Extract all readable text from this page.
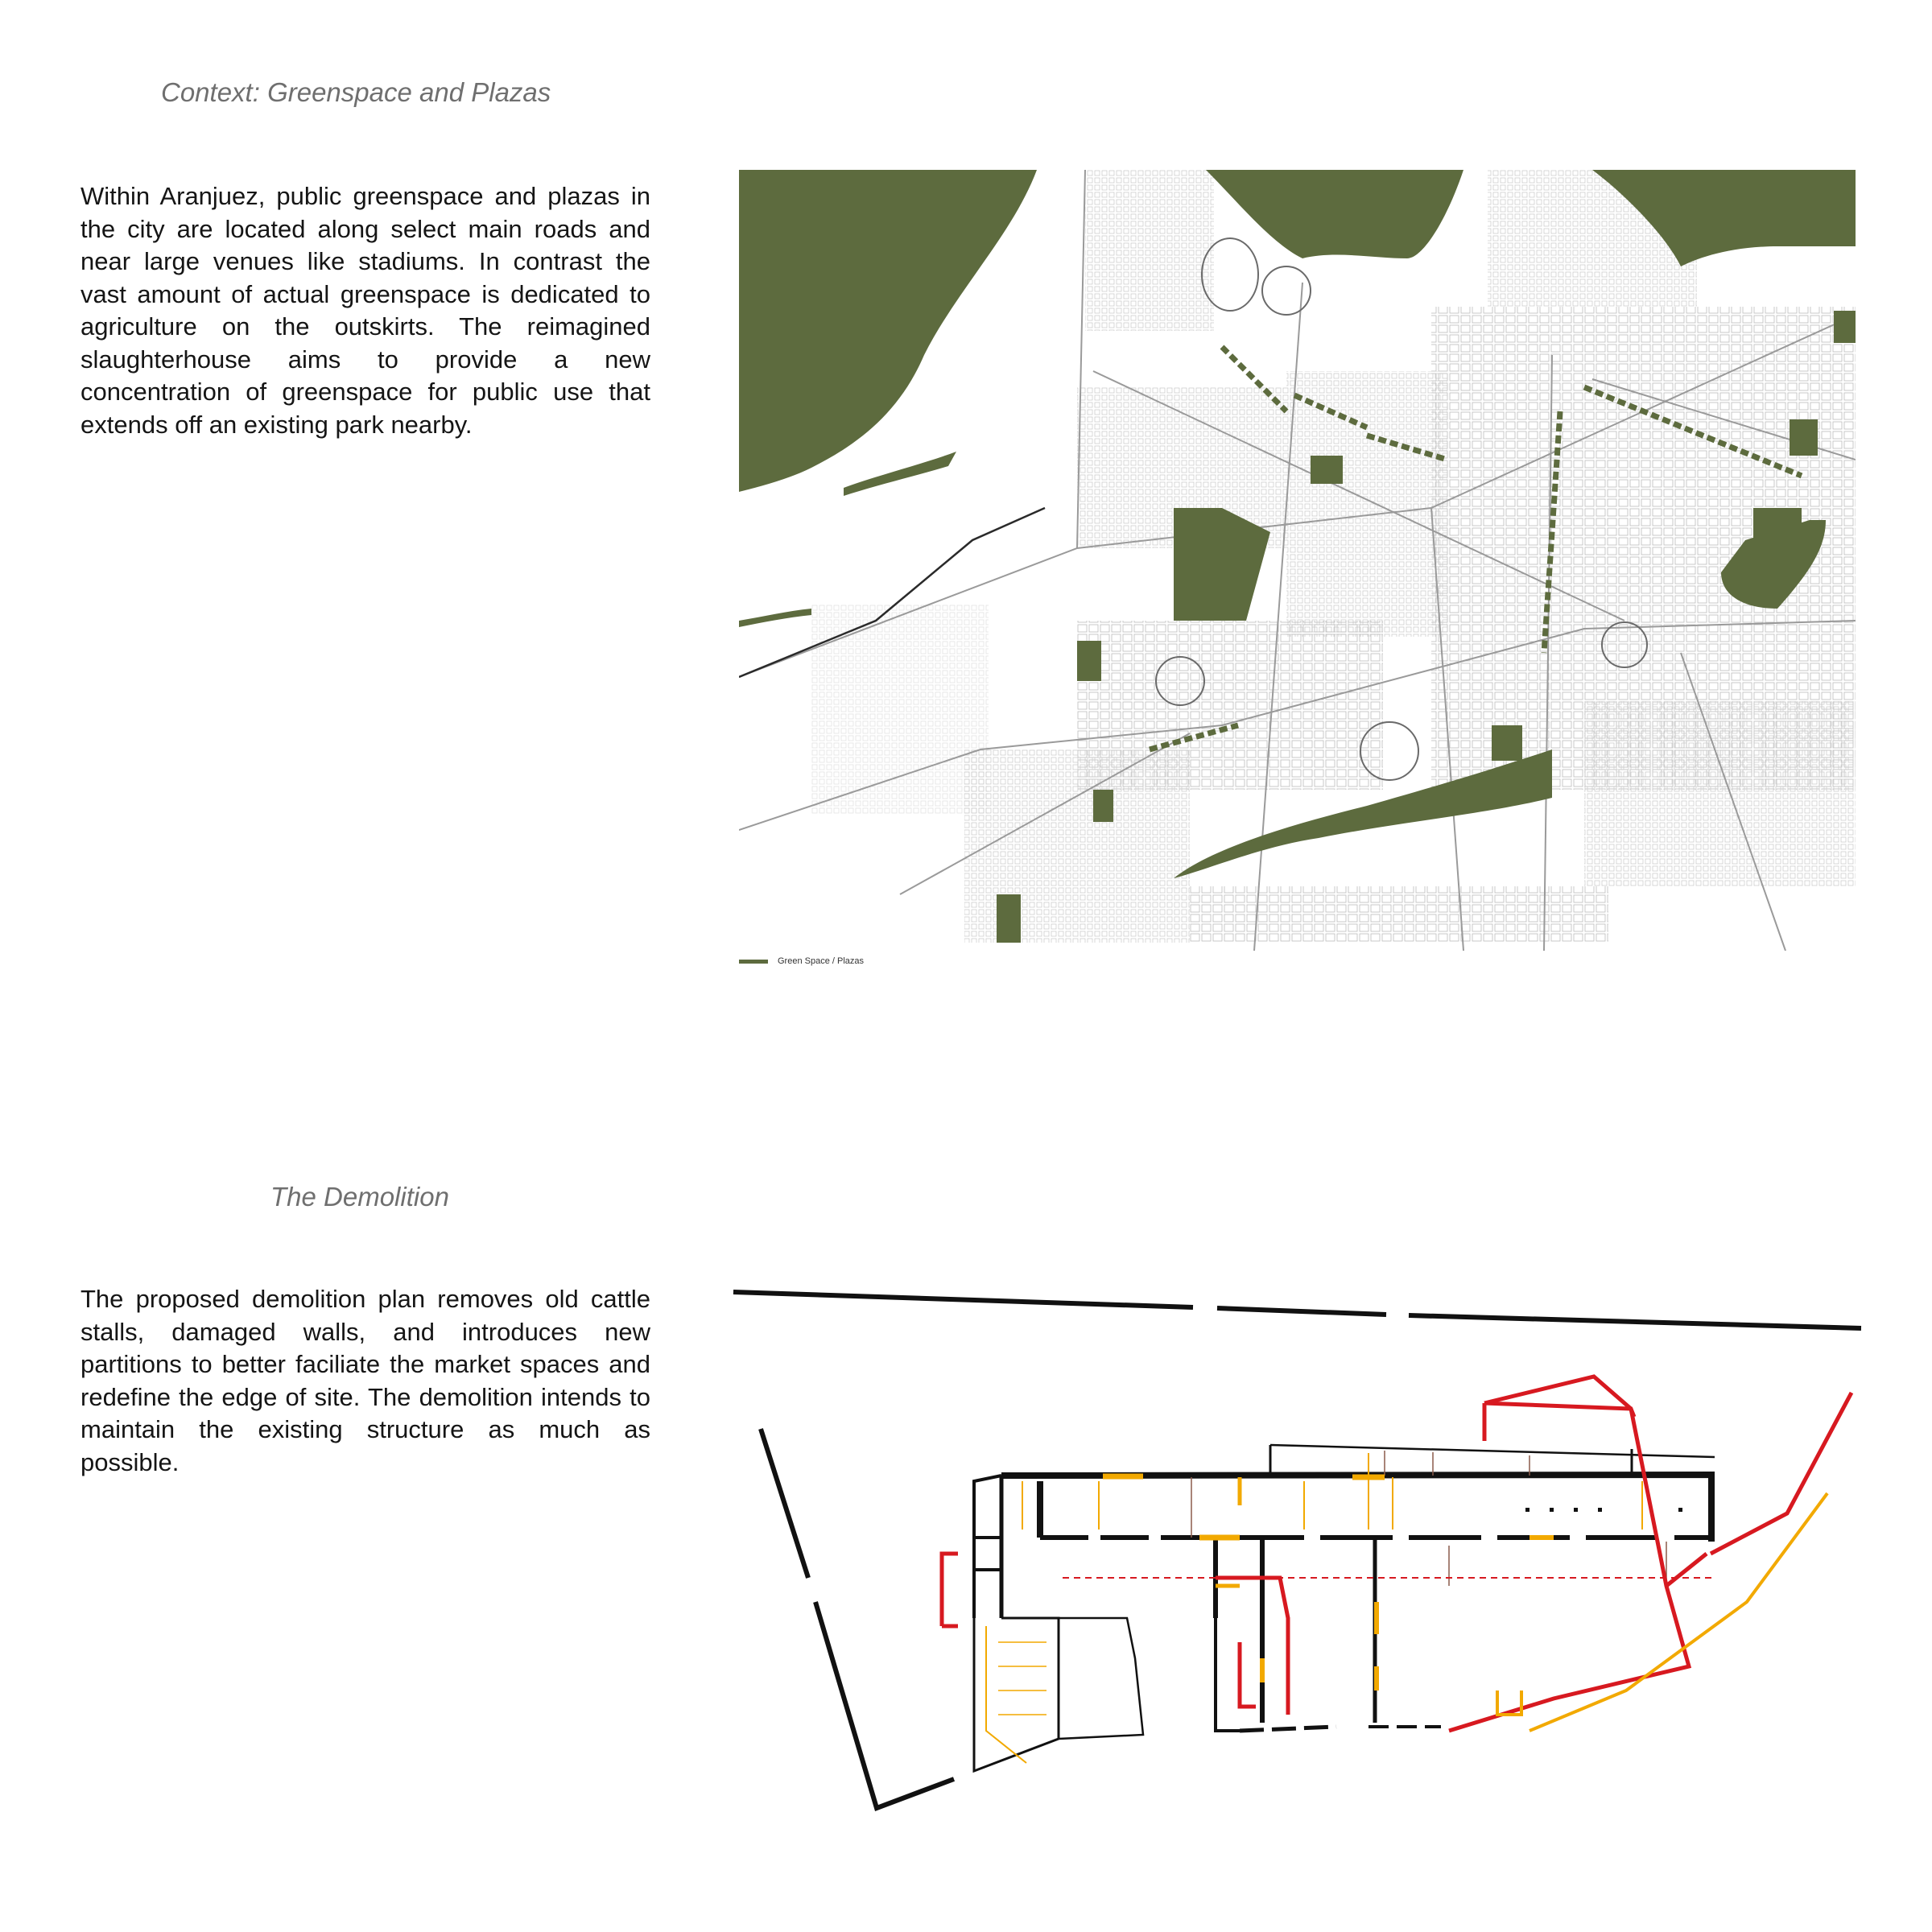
Context: Greenspace and Plazas

Within Aranjuez, public greenspace and plazas in the city are located along select main roads and near large venues like stadiums. In contrast the vast amount of actual greenspace is dedicated to agriculture on the outskirts. The reimagined slaughterhouse aims to provide a new concentration of greenspace for public use that extends off an existing park nearby.

Green Space / Plazas
The Demolition

The proposed demolition plan removes old cattle stalls, damaged walls, and introduces new partitions to better faciliate the market spaces and redefine the edge of site. The demolition intends to maintain the existing structure as much as possible.
